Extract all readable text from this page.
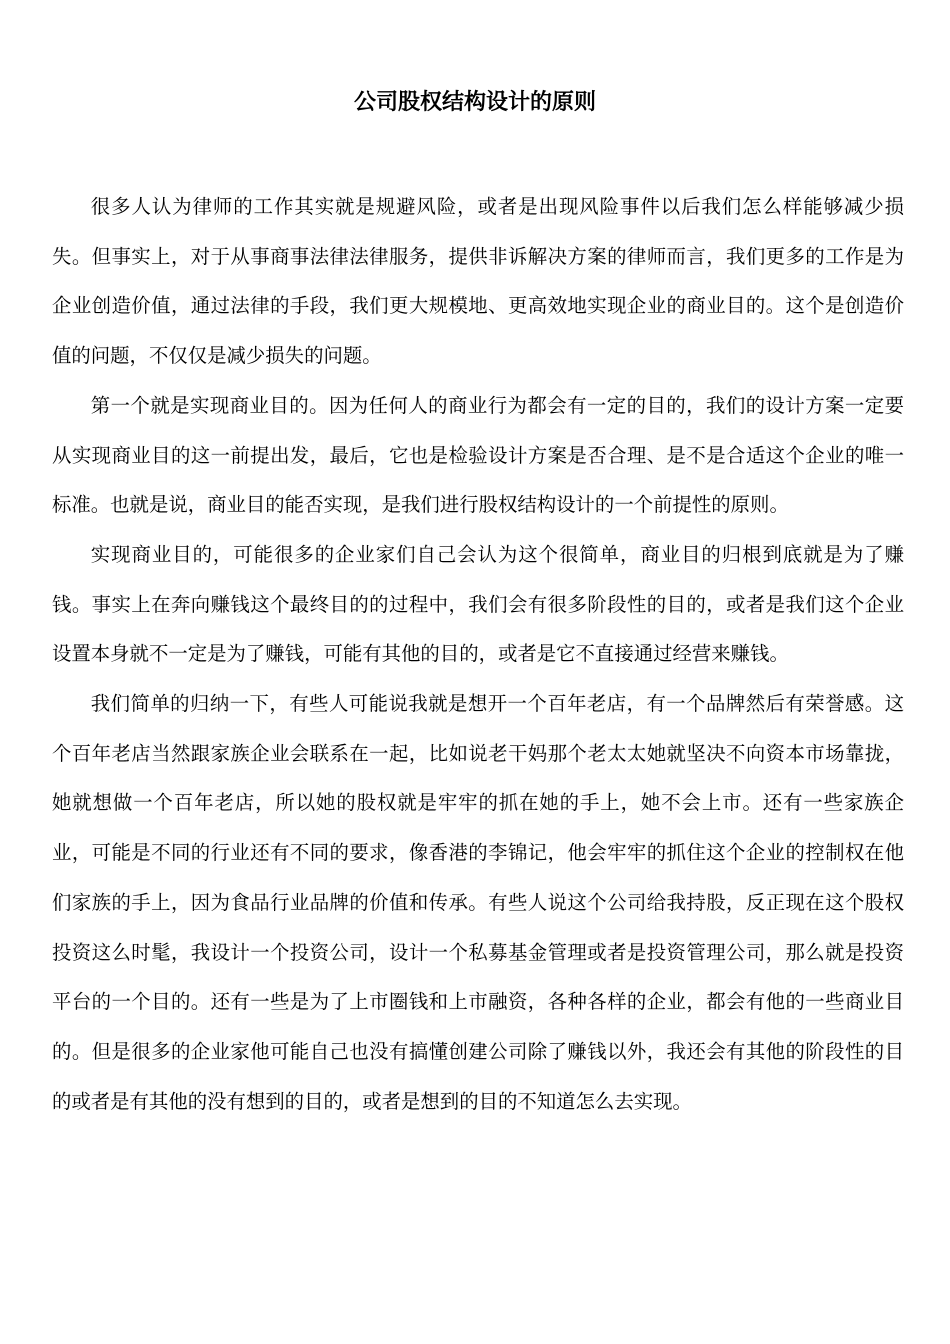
公司股权结构设计的原则

很多人认为律师的工作其实就是规避风险，或者是出现风险事件以后我们怎么样能够减少损失。但事实上，对于从事商事法律法律服务，提供非诉解决方案的律师而言，我们更多的工作是为企业创造价值，通过法律的手段，我们更大规模地、更高效地实现企业的商业目的。这个是创造价值的问题，不仅仅是减少损失的问题。

第一个就是实现商业目的。因为任何人的商业行为都会有一定的目的，我们的设计方案一定要从实现商业目的这一前提出发，最后，它也是检验设计方案是否合理、是不是合适这个企业的唯一标准。也就是说，商业目的能否实现，是我们进行股权结构设计的一个前提性的原则。

实现商业目的，可能很多的企业家们自己会认为这个很简单，商业目的归根到底就是为了赚钱。事实上在奔向赚钱这个最终目的的过程中，我们会有很多阶段性的目的，或者是我们这个企业设置本身就不一定是为了赚钱，可能有其他的目的，或者是它不直接通过经营来赚钱。

我们简单的归纳一下，有些人可能说我就是想开一个百年老店，有一个品牌然后有荣誉感。这个百年老店当然跟家族企业会联系在一起，比如说老干妈那个老太太她就坚决不向资本市场靠拢，她就想做一个百年老店，所以她的股权就是牢牢的抓在她的手上，她不会上市。还有一些家族企业，可能是不同的行业还有不同的要求，像香港的李锦记，他会牢牢的抓住这个企业的控制权在他们家族的手上，因为食品行业品牌的价值和传承。有些人说这个公司给我持股，反正现在这个股权投资这么时髦，我设计一个投资公司，设计一个私募基金管理或者是投资管理公司，那么就是投资平台的一个目的。还有一些是为了上市圈钱和上市融资，各种各样的企业，都会有他的一些商业目的。但是很多的企业家他可能自己也没有搞懂创建公司除了赚钱以外，我还会有其他的阶段性的目的或者是有其他的没有想到的目的，或者是想到的目的不知道怎么去实现。
